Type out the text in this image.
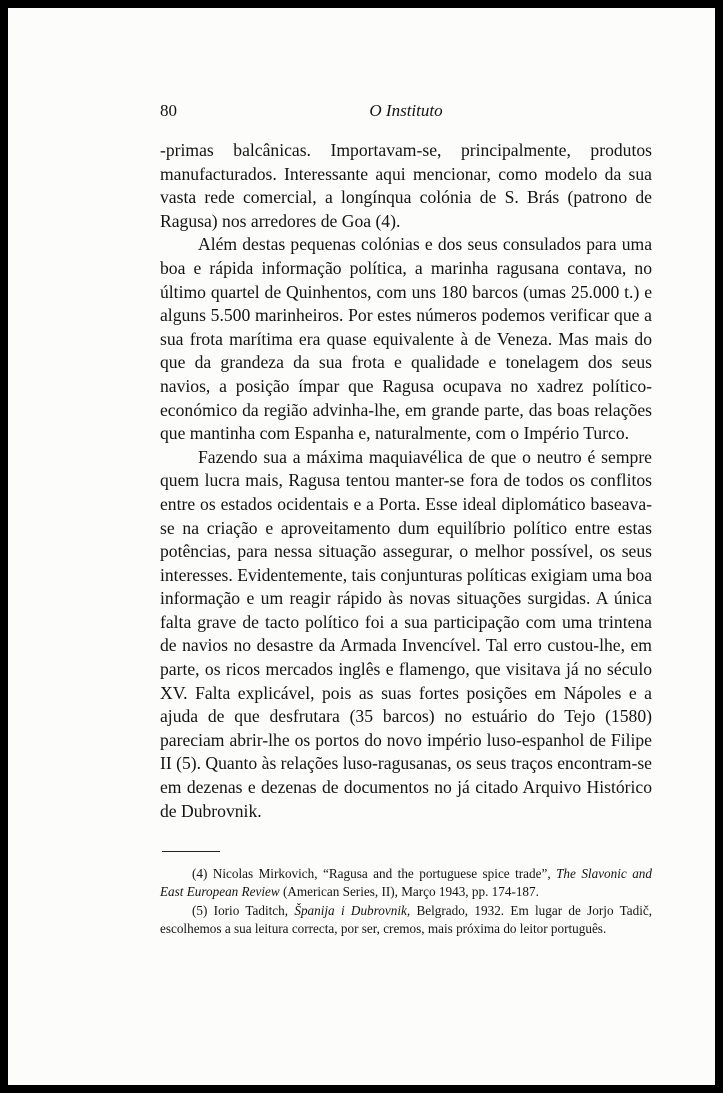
80	O Instituto

-primas balcânicas. Importavam-se, principalmente, produtos manufacturados. Interessante aqui mencionar, como modelo da sua vasta rede comercial, a longínqua colónia de S. Brás (patrono de Ragusa) nos arredores de Goa (4).

Além destas pequenas colónias e dos seus consulados para uma boa e rápida informação política, a marinha ragusana contava, no último quartel de Quinhentos, com uns 180 barcos (umas 25.000 t.) e alguns 5.500 marinheiros. Por estes números podemos verificar que a sua frota marítima era quase equivalente à de Veneza. Mas mais do que da grandeza da sua frota e qualidade e tonelagem dos seus navios, a posição ímpar que Ragusa ocupava no xadrez político-económico da região advinha-lhe, em grande parte, das boas relações que mantinha com Espanha e, naturalmente, com o Império Turco.

Fazendo sua a máxima maquiavélica de que o neutro é sempre quem lucra mais, Ragusa tentou manter-se fora de todos os conflitos entre os estados ocidentais e a Porta. Esse ideal diplomático baseava-se na criação e aproveitamento dum equilíbrio político entre estas potências, para nessa situação assegurar, o melhor possível, os seus interesses. Evidentemente, tais conjunturas políticas exigiam uma boa informação e um reagir rápido às novas situações surgidas. A única falta grave de tacto político foi a sua participação com uma trintena de navios no desastre da Armada Invencível. Tal erro custou-lhe, em parte, os ricos mercados inglês e flamengo, que visitava já no século XV. Falta explicável, pois as suas fortes posições em Nápoles e a ajuda de que desfrutara (35 barcos) no estuário do Tejo (1580) pareciam abrir-lhe os portos do novo império luso-espanhol de Filipe II (5). Quanto às relações luso-ragusanas, os seus traços encontram-se em dezenas e dezenas de documentos no já citado Arquivo Histórico de Dubrovnik.

(4) Nicolas Mirkovich, “Ragusa and the portuguese spice trade”, The Slavonic and East European Review (American Series, II), Março 1943, pp. 174-187.

(5) Iorio Taditch, Španija i Dubrovnik, Belgrado, 1932. Em lugar de Jorjo Tadič, escolhemos a sua leitura correcta, por ser, cremos, mais próxima do leitor português.
